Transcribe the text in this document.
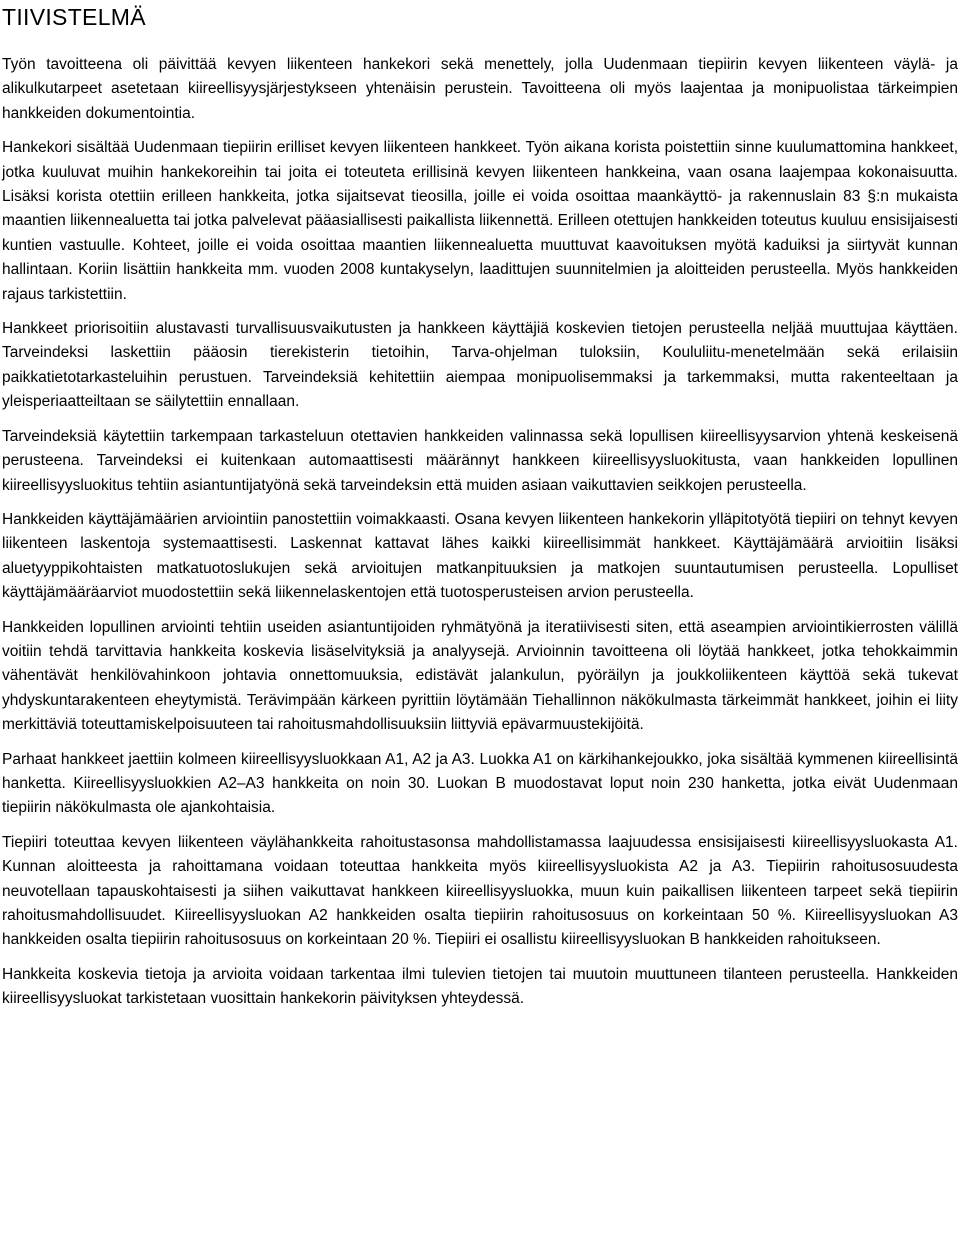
TIIVISTELMÄ

Työn tavoitteena oli päivittää kevyen liikenteen hankekori sekä menettely, jolla Uudenmaan tiepiirin kevyen liikenteen väylä- ja alikulkutarpeet asetetaan kiireellisyysjärjestykseen yhtenäisin perustein. Tavoitteena oli myös laajentaa ja monipuolistaa tärkeimpien hankkeiden dokumentointia.

Hankekori sisältää Uudenmaan tiepiirin erilliset kevyen liikenteen hankkeet. Työn aikana korista poistettiin sinne kuulumattomina hankkeet, jotka kuuluvat muihin hankekoreihin tai joita ei toteuteta erillisinä kevyen liikenteen hankkeina, vaan osana laajempaa kokonaisuutta. Lisäksi korista otettiin erilleen hankkeita, jotka sijaitsevat tieosilla, joille ei voida osoittaa maankäyttö- ja rakennuslain 83 §:n mukaista maantien liikennealuetta tai jotka palvelevat pääasiallisesti paikallista liikennettä. Erilleen otettujen hankkeiden toteutus kuuluu ensisijaisesti kuntien vastuulle. Kohteet, joille ei voida osoittaa maantien liikennealuetta muuttuvat kaavoituksen myötä kaduiksi ja siirtyvät kunnan hallintaan. Koriin lisättiin hankkeita mm. vuoden 2008 kuntakyselyn, laadittujen suunnitelmien ja aloitteiden perusteella. Myös hankkeiden rajaus tarkistettiin.

Hankkeet priorisoitiin alustavasti turvallisuusvaikutusten ja hankkeen käyttäjiä koskevien tietojen perusteella neljää muuttujaa käyttäen. Tarveindeksi laskettiin pääosin tierekisterin tietoihin, Tarva-ohjelman tuloksiin, Koululiitu-menetelmään sekä erilaisiin paikkatietotarkasteluihin perustuen. Tarveindeksiä kehitettiin aiempaa monipuolisemmaksi ja tarkemmaksi, mutta rakenteeltaan ja yleisperiaatteiltaan se säilytettiin ennallaan.

Tarveindeksiä käytettiin tarkempaan tarkasteluun otettavien hankkeiden valinnassa sekä lopullisen kiireellisyysarvion yhtenä keskeisenä perusteena. Tarveindeksi ei kuitenkaan automaattisesti määrännyt hankkeen kiireellisyysluokitusta, vaan hankkeiden lopullinen kiireellisyysluokitus tehtiin asiantuntijatyönä sekä tarveindeksin että muiden asiaan vaikuttavien seikkojen perusteella.

Hankkeiden käyttäjämäärien arviointiin panostettiin voimakkaasti. Osana kevyen liikenteen hankekorin ylläpitotyötä tiepiiri on tehnyt kevyen liikenteen laskentoja systemaattisesti. Laskennat kattavat lähes kaikki kiireellisimmät hankkeet. Käyttäjämäärä arvioitiin lisäksi aluetyyppikohtaisten matkatuotoslukujen sekä arvioitujen matkanpituuksien ja matkojen suuntautumisen perusteella. Lopulliset käyttäjämääräarviot muodostettiin sekä liikennelaskentojen että tuotosperusteisen arvion perusteella.

Hankkeiden lopullinen arviointi tehtiin useiden asiantuntijoiden ryhmätyönä ja iteratiivisesti siten, että aseampien arviointikierrosten välillä voitiin tehdä tarvittavia hankkeita koskevia lisäselvityksiä ja analyysejä. Arvioinnin tavoitteena oli löytää hankkeet, jotka tehokkaimmin vähentävät henkilövahinkoon johtavia onnettomuuksia, edistävät jalankulun, pyöräilyn ja joukkoliikenteen käyttöä sekä tukevat yhdyskuntarakenteen eheytymistä. Terävimpään kärkeen pyrittiin löytämään Tiehallinnon näkökulmasta tärkeimmät hankkeet, joihin ei liity merkittäviä toteuttamiskelpoisuuteen tai rahoitusmahdollisuuksiin liittyviä epävarmuustekijöitä.

Parhaat hankkeet jaettiin kolmeen kiireellisyysluokkaan A1, A2 ja A3. Luokka A1 on kärkihankejoukko, joka sisältää kymmenen kiireellisintä hanketta. Kiireellisyysluokkien A2–A3 hankkeita on noin 30. Luokan B muodostavat loput noin 230 hanketta, jotka eivät Uudenmaan tiepiirin näkökulmasta ole ajankohtaisia.

Tiepiiri toteuttaa kevyen liikenteen väylähankkeita rahoitustasonsa mahdollistamassa laajuudessa ensisijaisesti kiireellisyysluokasta A1. Kunnan aloitteesta ja rahoittamana voidaan toteuttaa hankkeita myös kiireellisyysluokista A2 ja A3. Tiepiirin rahoitusosuudesta neuvotellaan tapauskohtaisesti ja siihen vaikuttavat hankkeen kiireellisyysluokka, muun kuin paikallisen liikenteen tarpeet sekä tiepiirin rahoitusmahdollisuudet. Kiireellisyysluokan A2 hankkeiden osalta tiepiirin rahoitusosuus on korkeintaan 50 %. Kiireellisyysluokan A3 hankkeiden osalta tiepiirin rahoitusosuus on korkeintaan 20 %. Tiepiiri ei osallistu kiireellisyysluokan B hankkeiden rahoitukseen.

Hankkeita koskevia tietoja ja arvioita voidaan tarkentaa ilmi tulevien tietojen tai muutoin muuttuneen tilanteen perusteella. Hankkeiden kiireellisyysluokat tarkistetaan vuosittain hankekorin päivityksen yhteydessä.
